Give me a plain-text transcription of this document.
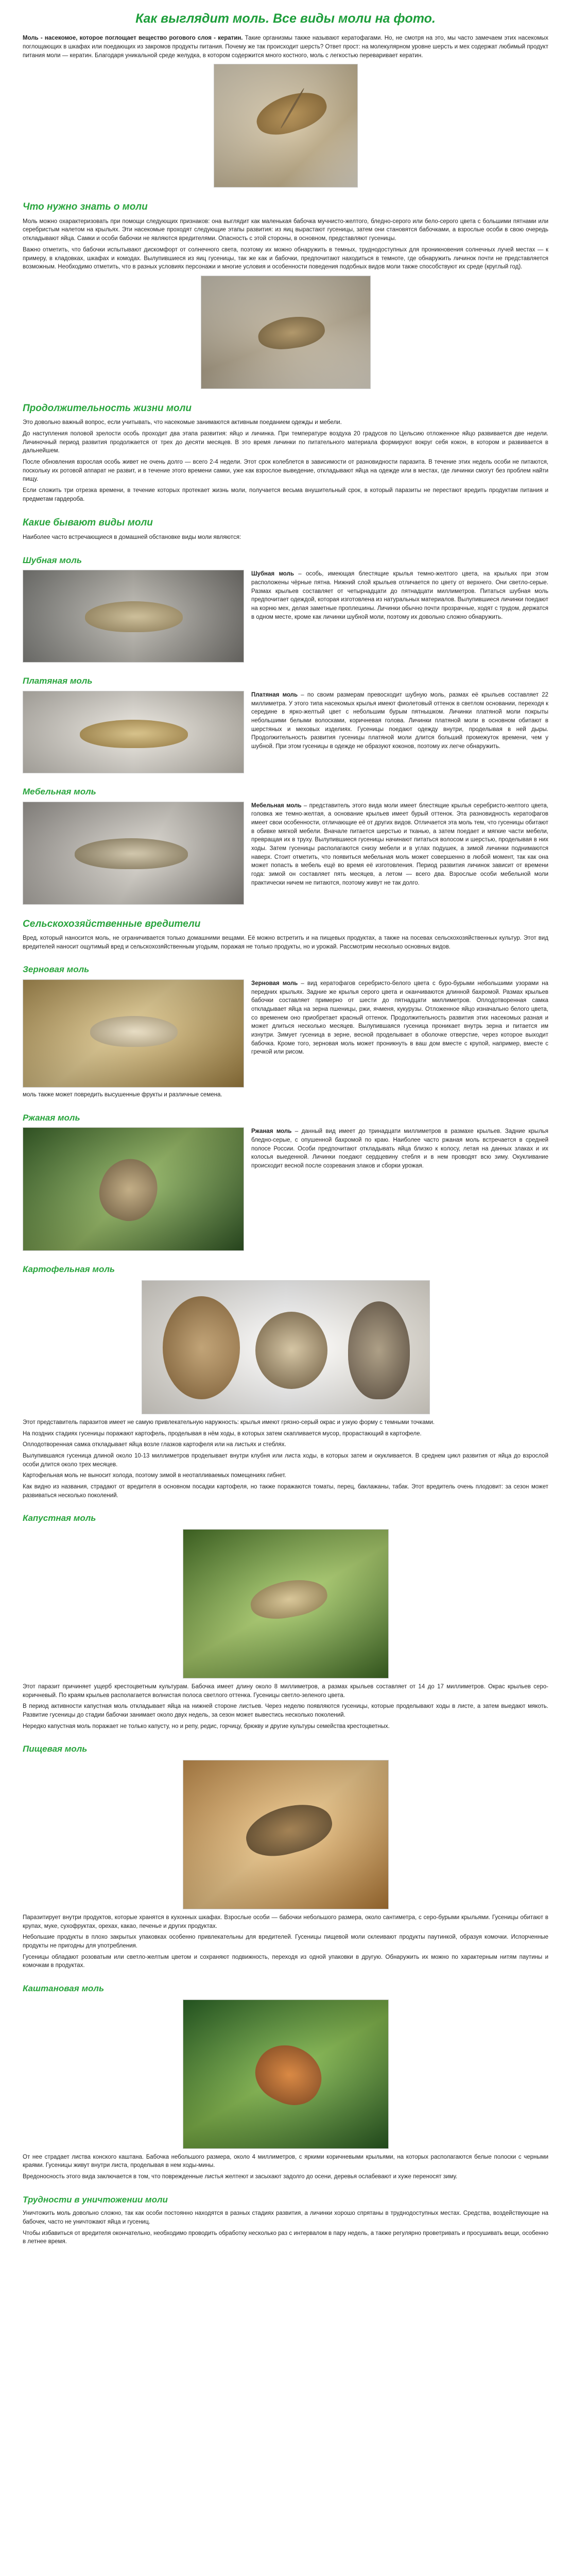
Как выглядит моль. Все виды моли на фото.

Моль - насекомое, которое поглощает вещество рогового слоя - кератин. Такие организмы также называют кератофагами. Но, не смотря на это, мы часто замечаем этих насекомых поглощающих в шкафах или поедающих из закромов продукты питания. Почему же так происходит шерсть? Ответ прост: на молекулярном уровне шерсть и мех содержат любимый продукт питания моли — кератин. Благодаря уникальной среде желудка, в котором содержится много костного, моль с легкостью переваривает кератин.

Что нужно знать о моли

Моль можно охарактеризовать при помощи следующих признаков: она выглядит как маленькая бабочка мучнисто-желтого, бледно-серого или бело-серого цвета с большими пятнами или серебристым налетом на крыльях. Эти насекомые проходят следующие этапы развития: из яиц вырастают гусеницы, затем они становятся бабочками, а взрослые особи в свою очередь откладывают яйца. Самки и особи бабочки не являются вредителями. Опасность с этой стороны, в основном, представляют гусеницы.

Важно отметить, что бабочки испытывают дискомфорт от солнечного света, поэтому их можно обнаружить в темных, труднодоступных для проникновения солнечных лучей местах — к примеру, в кладовках, шкафах и комодах. Вылупившиеся из яиц гусеницы, так же как и бабочки, предпочитают находиться в темноте, где обнаружить личинок почти не представляется возможным. Необходимо отметить, что в разных условиях персонажи и многие условия и особенности поведения подобных видов моли также способствуют их среде (круглый год).

Продолжительность жизни моли

Это довольно важный вопрос, если учитывать, что насекомые занимаются активным поеданием одежды и мебели.

До наступления половой зрелости особь проходит два этапа развития: яйцо и личинка. При температуре воздуха 20 градусов по Цельсию отложенное яйцо развивается две недели. Личиночный период развития продолжается от трех до десяти месяцев. В это время личинки по питательного материала формируют вокруг себя кокон, в котором и развивается в дальнейшем.

После обновления взрослая особь живет не очень долго — всего 2-4 недели. Этот срок колеблется в зависимости от разновидности паразита. В течение этих недель особи не питаются, поскольку их ротовой аппарат не развит, и в течение этого времени самки, уже как взрослое выведение, откладывают яйца на одежде или в местах, где личинки смогут без проблем найти пищу.

Если сложить три отрезка времени, в течение которых протекает жизнь моли, получается весьма внушительный срок, в который паразиты не перестают вредить продуктам питания и предметам гардероба.

Какие бывают виды моли

Наиболее часто встречающиеся в домашней обстановке виды моли являются:

Шубная моль

Шубная моль – особь, имеющая блестящие крылья темно-желтого цвета, на крыльях при этом расположены чёрные пятна. Нижний слой крыльев отличается по цвету от верхнего. Они светло-серые. Размах крыльев составляет от четырнадцати до пятнадцати миллиметров. Питаться шубная моль предпочитает одеждой, которая изготовлена из натуральных материалов. Вылупившиеся личинки поедают на корню мех, делая заметные проплешины. Личинки обычно почти прозрачные, ходят с трудом, держатся в одном месте, кроме как личинки шубной моли, поэтому их довольно сложно обнаружить.

Платяная моль

Платяная моль – по своим размерам превосходит шубную моль, размах её крыльев составляет 22 миллиметра. У этого типа насекомых крылья имеют фиолетовый оттенок в светлом основании, переходя к середине в ярко-желтый цвет с небольшим бурым пятнышком. Личинки платяной моли покрыты небольшими белыми волосками, коричневая голова. Личинки платяной моли в основном обитают в шерстяных и меховых изделиях. Гусеницы поедают одежду внутри, проделывая в ней дыры. Продолжительность развития гусеницы платяной моли длится больший промежуток времени, чем у шубной. При этом гусеницы в одежде не образуют коконов, поэтому их легче обнаружить.

Мебельная моль

Мебельная моль – представитель этого вида моли имеет блестящие крылья серебристо-желтого цвета, головка же темно-желтая, а основание крыльев имеет бурый оттенок. Эта разновидность кератофагов имеет свои особенности, отличающие её от других видов. Отличается эта моль тем, что гусеницы обитают в обивке мягкой мебели. Вначале питается шерстью и тканью, а затем поедает и мягкие части мебели, превращая их в труху. Вылупившиеся гусеницы начинают питаться волосом и шерстью, проделывая в них ходы. Затем гусеницы располагаются снизу мебели и в углах подушек, а зимой личинки поднимаются наверх. Стоит отметить, что появиться мебельная моль может совершенно в любой момент, так как она может попасть в мебель ещё во время её изготовления. Период развития личинок зависит от времени года: зимой он составляет пять месяцев, а летом — всего два. Взрослые особи мебельной моли практически ничем не питаются, поэтому живут не так долго.

Сельскохозяйственные вредители

Вред, который наносится моль, не ограничивается только домашними вещами. Её можно встретить и на пищевых продуктах, а также на посевах сельскохозяйственных культур. Этот вид вредителей наносит ощутимый вред и сельскохозяйственным угодьям, поражая не только продукты, но и урожай. Рассмотрим несколько основных видов.

Зерновая моль

Зерновая моль – вид кератофагов серебристо-белого цвета с буро-бурыми небольшими узорами на передних крыльях. Задние же крылья серого цвета и оканчиваются длинной бахромой. Размах крыльев бабочки составляет примерно от шести до пятнадцати миллиметров. Оплодотворенная самка откладывает яйца на зерна пшеницы, ржи, ячменя, кукурузы. Отложенное яйцо изначально белого цвета, со временем оно приобретает красный оттенок. Продолжительность развития этих насекомых разная и может длиться несколько месяцев. Вылупившаяся гусеница проникает внутрь зерна и питается им изнутри. Зимует гусеница в зерне, весной проделывает в оболочке отверстие, через которое выходит бабочка. Кроме того, зерновая моль может проникнуть в ваш дом вместе с крупой, например, вместе с гречкой или рисом.

моль также может повредить высушенные фрукты и различные семена.

Ржаная моль

Ржаная моль – данный вид имеет до тринадцати миллиметров в размахе крыльев. Задние крылья бледно-серые, с опушенной бахромой по краю. Наиболее часто ржаная моль встречается в средней полосе России. Особи предпочитают откладывать яйца близко к колосу, летая на данных злаках и их колосья выеденной. Личинки поедают сердцевину стебля и в нем проводят всю зиму. Окукливание происходит весной после созревания злаков и сборки урожая.

Картофельная моль

Этот представитель паразитов имеет не самую привлекательную наружность: крылья имеют грязно-серый окрас и узкую форму с темными точками.

На поздних стадиях гусеницы поражают картофель, проделывая в нём ходы, в которых затем скапливается мусор, прорастающий в картофеле.

Оплодотворенная самка откладывает яйца возле глазков картофеля или на листьях и стеблях.

Вылупившаяся гусеница длиной около 10-13 миллиметров проделывает внутри клубня или листа ходы, в которых затем и окукливается. В среднем цикл развития от яйца до взрослой особи длится около трех месяцев.

Картофельная моль не выносит холода, поэтому зимой в неотапливаемых помещениях гибнет.

Как видно из названия, страдают от вредителя в основном посадки картофеля, но также поражаются томаты, перец, баклажаны, табак. Этот вредитель очень плодовит: за сезон может развиваться несколько поколений.

Капустная моль

Этот паразит причиняет ущерб крестоцветным культурам. Бабочка имеет длину около 8 миллиметров, а размах крыльев составляет от 14 до 17 миллиметров. Окрас крыльев серо-коричневый. По краям крыльев располагается волнистая полоса светлого оттенка. Гусеницы светло-зеленого цвета.

В период активности капустная моль откладывает яйца на нижней стороне листьев. Через неделю появляются гусеницы, которые проделывают ходы в листе, а затем выедают мякоть. Развитие гусеницы до стадии бабочки занимает около двух недель, за сезон может вывестись несколько поколений.

Нередко капустная моль поражает не только капусту, но и репу, редис, горчицу, брюкву и другие культуры семейства крестоцветных.

Пищевая моль

Паразитирует внутри продуктов, которые хранятся в кухонных шкафах. Взрослые особи — бабочки небольшого размера, около сантиметра, с серо-бурыми крыльями. Гусеницы обитают в крупах, муке, сухофруктах, орехах, какао, печенье и других продуктах.

Небольшие продукты в плохо закрытых упаковках особенно привлекательны для вредителей. Гусеницы пищевой моли склеивают продукты паутинкой, образуя комочки. Испорченные продукты не пригодны для употребления.

Гусеницы обладают розоватым или светло-желтым цветом и сохраняют подвижность, переходя из одной упаковки в другую. Обнаружить их можно по характерным нитям паутины и комочкам в продуктах.

Каштановая моль

От нее страдает листва конского каштана. Бабочка небольшого размера, около 4 миллиметров, с яркими коричневыми крыльями, на которых располагаются белые полоски с черными краями. Гусеницы живут внутри листа, проделывая в нем ходы-мины.

Вредоносность этого вида заключается в том, что поврежденные листья желтеют и засыхают задолго до осени, деревья ослабевают и хуже переносят зиму.

Трудности в уничтожении моли

Уничтожить моль довольно сложно, так как особи постоянно находятся в разных стадиях развития, а личинки хорошо спрятаны в труднодоступных местах. Средства, воздействующие на бабочек, часто не уничтожают яйца и гусениц.

Чтобы избавиться от вредителя окончательно, необходимо проводить обработку несколько раз с интервалом в пару недель, а также регулярно проветривать и просушивать вещи, особенно в летнее время.
